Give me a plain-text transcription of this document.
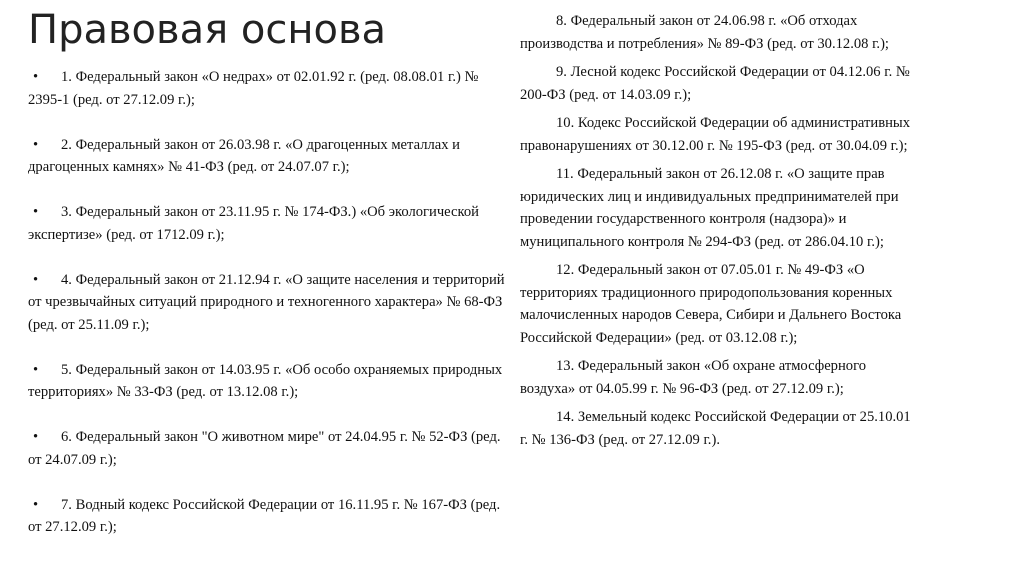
Правовая основа
• 1. Федеральный закон «О недрах» от 02.01.92 г. (ред. 08.08.01 г.) № 2395-1 (ред. от 27.12.09 г.);
• 2. Федеральный закон от 26.03.98 г. «О драгоценных металлах и драгоценных камнях» № 41-ФЗ (ред. от 24.07.07 г.);
• 3. Федеральный закон от 23.11.95 г. № 174-ФЗ.) «Об экологической экспертизе» (ред. от 1712.09 г.);
• 4. Федеральный закон от 21.12.94 г. «О защите населения и территорий от чрезвычайных ситуаций природного и техногенного характера» № 68-ФЗ (ред. от 25.11.09 г.);
• 5. Федеральный закон от 14.03.95 г. «Об особо охраняемых природных территориях» № 33-ФЗ (ред. от 13.12.08 г.);
• 6. Федеральный закон "О животном мире" от 24.04.95 г. № 52-ФЗ (ред. от 24.07.09 г.);
• 7. Водный кодекс Российской Федерации от 16.11.95 г. № 167-ФЗ (ред. от 27.12.09 г.);
8. Федеральный закон от 24.06.98 г. «Об отходах производства и потребления» № 89-ФЗ (ред. от 30.12.08 г.);
9. Лесной кодекс Российской Федерации от 04.12.06 г. № 200-ФЗ (ред. от 14.03.09 г.);
10. Кодекс Российской Федерации об административных правонарушениях от 30.12.00 г. № 195-ФЗ (ред. от 30.04.09 г.);
11. Федеральный закон от 26.12.08 г. «О защите прав юридических лиц и индивидуальных предпринимателей при проведении государственного контроля (надзора)» и муниципального контроля № 294-ФЗ (ред. от 286.04.10 г.);
12. Федеральный закон от 07.05.01 г. № 49-ФЗ «О территориях традиционного природопользования коренных малочисленных народов Севера, Сибири и Дальнего Востока Российской Федерации» (ред. от 03.12.08 г.);
13. Федеральный закон «Об охране атмосферного воздуха» от 04.05.99 г. № 96-ФЗ (ред. от 27.12.09 г.);
14. Земельный кодекс Российской Федерации от 25.10.01 г. № 136-ФЗ (ред. от 27.12.09 г.).
